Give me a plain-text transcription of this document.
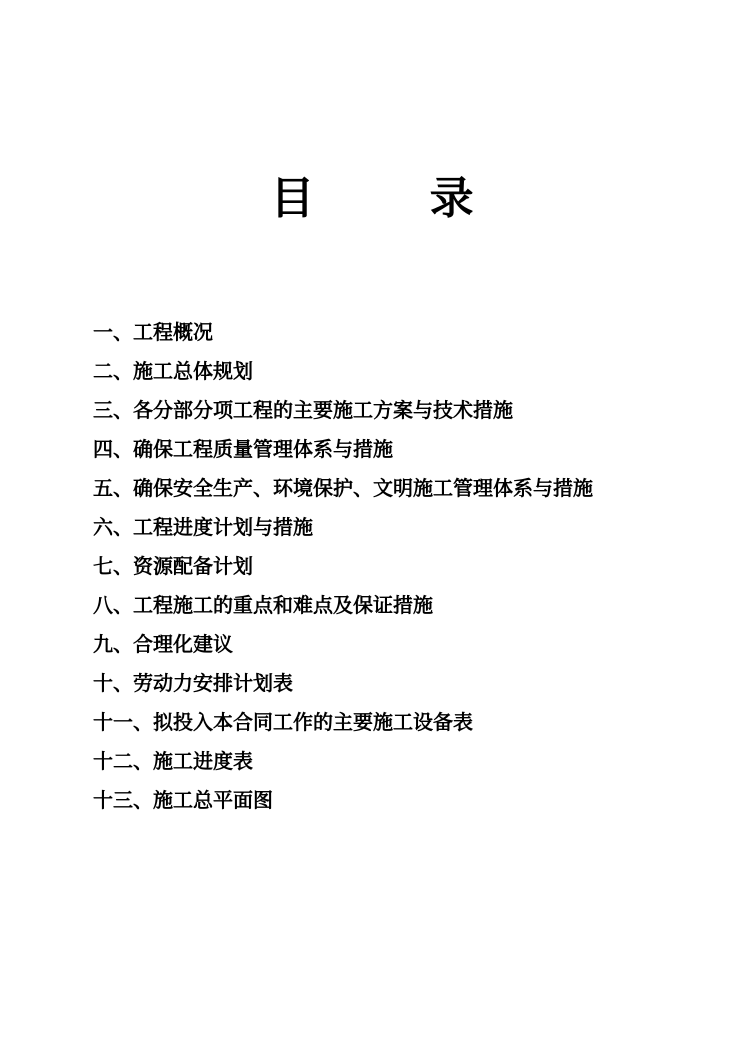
目 录
一、工程概况
二、施工总体规划
三、各分部分项工程的主要施工方案与技术措施
四、确保工程质量管理体系与措施
五、确保安全生产、环境保护、文明施工管理体系与措施
六、工程进度计划与措施
七、资源配备计划
八、工程施工的重点和难点及保证措施
九、合理化建议
十、劳动力安排计划表
十一、拟投入本合同工作的主要施工设备表
十二、施工进度表
十三、施工总平面图
